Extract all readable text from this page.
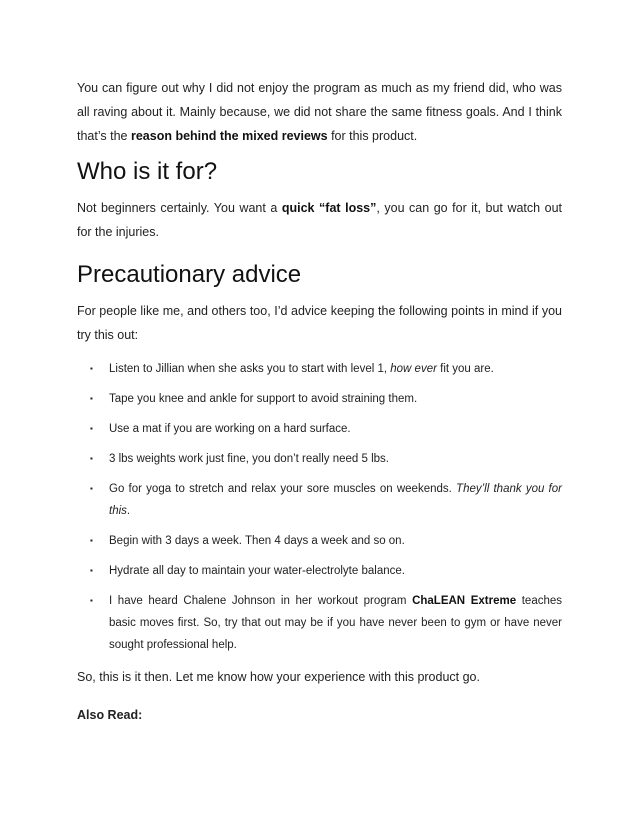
You can figure out why I did not enjoy the program as much as my friend did, who was all raving about it. Mainly because, we did not share the same fitness goals. And I think that’s the reason behind the mixed reviews for this product.

Who is it for?

Not beginners certainly. You want a quick “fat loss”, you can go for it, but watch out for the injuries.

Precautionary advice

For people like me, and others too, I’d advice keeping the following points in mind if you try this out:

▪ Listen to Jillian when she asks you to start with level 1, how ever fit you are.
▪ Tape you knee and ankle for support to avoid straining them.
▪ Use a mat if you are working on a hard surface.
▪ 3 lbs weights work just fine, you don’t really need 5 lbs.
▪ Go for yoga to stretch and relax your sore muscles on weekends. They’ll thank you for this.
▪ Begin with 3 days a week. Then 4 days a week and so on.
▪ Hydrate all day to maintain your water-electrolyte balance.
▪ I have heard Chalene Johnson in her workout program ChaLEAN Extreme teaches basic moves first. So, try that out may be if you have never been to gym or have never sought professional help.

So, this is it then. Let me know how your experience with this product go.

Also Read:
